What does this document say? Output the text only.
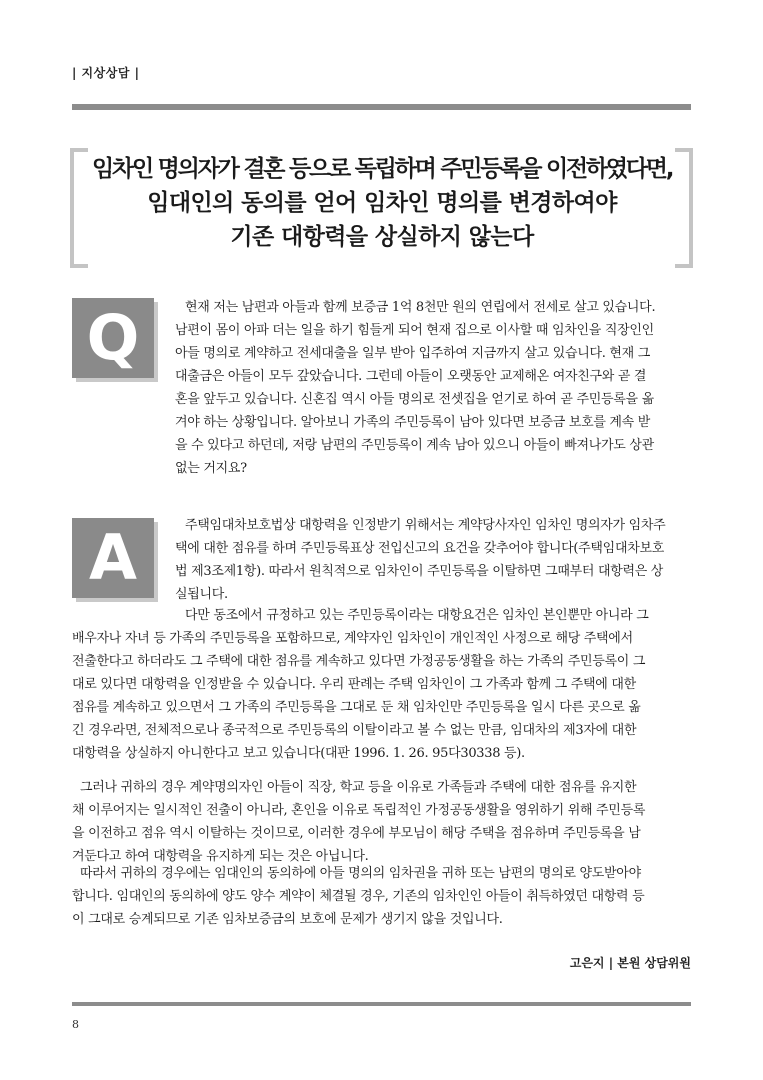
| 지상상담 |
임차인 명의자가 결혼 등으로 독립하며 주민등록을 이전하였다면,
임대인의 동의를 얻어 임차인 명의를 변경하여야
기존 대항력을 상실하지 않는다
Q	현재 저는 남편과 아들과 함께 보증금 1억 8천만 원의 연립에서 전세로 살고 있습니다.
남편이 몸이 아파 더는 일을 하기 힘들게 되어 현재 집으로 이사할 때 임차인을 직장인인
아들 명의로 계약하고 전세대출을 일부 받아 입주하여 지금까지 살고 있습니다. 현재 그
대출금은 아들이 모두 갚았습니다. 그런데 아들이 오랫동안 교제해온 여자친구와 곧 결
혼을 앞두고 있습니다. 신혼집 역시 아들 명의로 전셋집을 얻기로 하여 곧 주민등록을 옮
겨야 하는 상황입니다. 알아보니 가족의 주민등록이 남아 있다면 보증금 보호를 계속 받
을 수 있다고 하던데, 저랑 남편의 주민등록이 계속 남아 있으니 아들이 빠져나가도 상관
없는 거지요?
A	주택임대차보호법상 대항력을 인정받기 위해서는 계약당사자인 임차인 명의자가 임차주
택에 대한 점유를 하며 주민등록표상 전입신고의 요건을 갖추어야 합니다(주택임대차보호
법 제3조제1항). 따라서 원칙적으로 임차인이 주민등록을 이탈하면 그때부터 대항력은 상
실됩니다.
다만 동조에서 규정하고 있는 주민등록이라는 대항요건은 임차인 본인뿐만 아니라 그
배우자나 자녀 등 가족의 주민등록을 포함하므로, 계약자인 임차인이 개인적인 사정으로 해당 주택에서
전출한다고 하더라도 그 주택에 대한 점유를 계속하고 있다면 가정공동생활을 하는 가족의 주민등록이 그
대로 있다면 대항력을 인정받을 수 있습니다. 우리 판례는 주택 임차인이 그 가족과 함께 그 주택에 대한
점유를 계속하고 있으면서 그 가족의 주민등록을 그대로 둔 채 임차인만 주민등록을 일시 다른 곳으로 옮
긴 경우라면, 전체적으로나 종국적으로 주민등록의 이탈이라고 볼 수 없는 만큼, 임대차의 제3자에 대한
대항력을 상실하지 아니한다고 보고 있습니다(대판 1996. 1. 26. 95다30338 등).
그러나 귀하의 경우 계약명의자인 아들이 직장, 학교 등을 이유로 가족들과 주택에 대한 점유를 유지한
채 이루어지는 일시적인 전출이 아니라, 혼인을 이유로 독립적인 가정공동생활을 영위하기 위해 주민등록
을 이전하고 점유 역시 이탈하는 것이므로, 이러한 경우에 부모님이 해당 주택을 점유하며 주민등록을 남
겨둔다고 하여 대항력을 유지하게 되는 것은 아닙니다.
따라서 귀하의 경우에는 임대인의 동의하에 아들 명의의 임차권을 귀하 또는 남편의 명의로 양도받아야
합니다. 임대인의 동의하에 양도 양수 계약이 체결될 경우, 기존의 임차인인 아들이 취득하였던 대항력 등
이 그대로 승계되므로 기존 임차보증금의 보호에 문제가 생기지 않을 것입니다.
고은지 | 본원 상담위원
8
